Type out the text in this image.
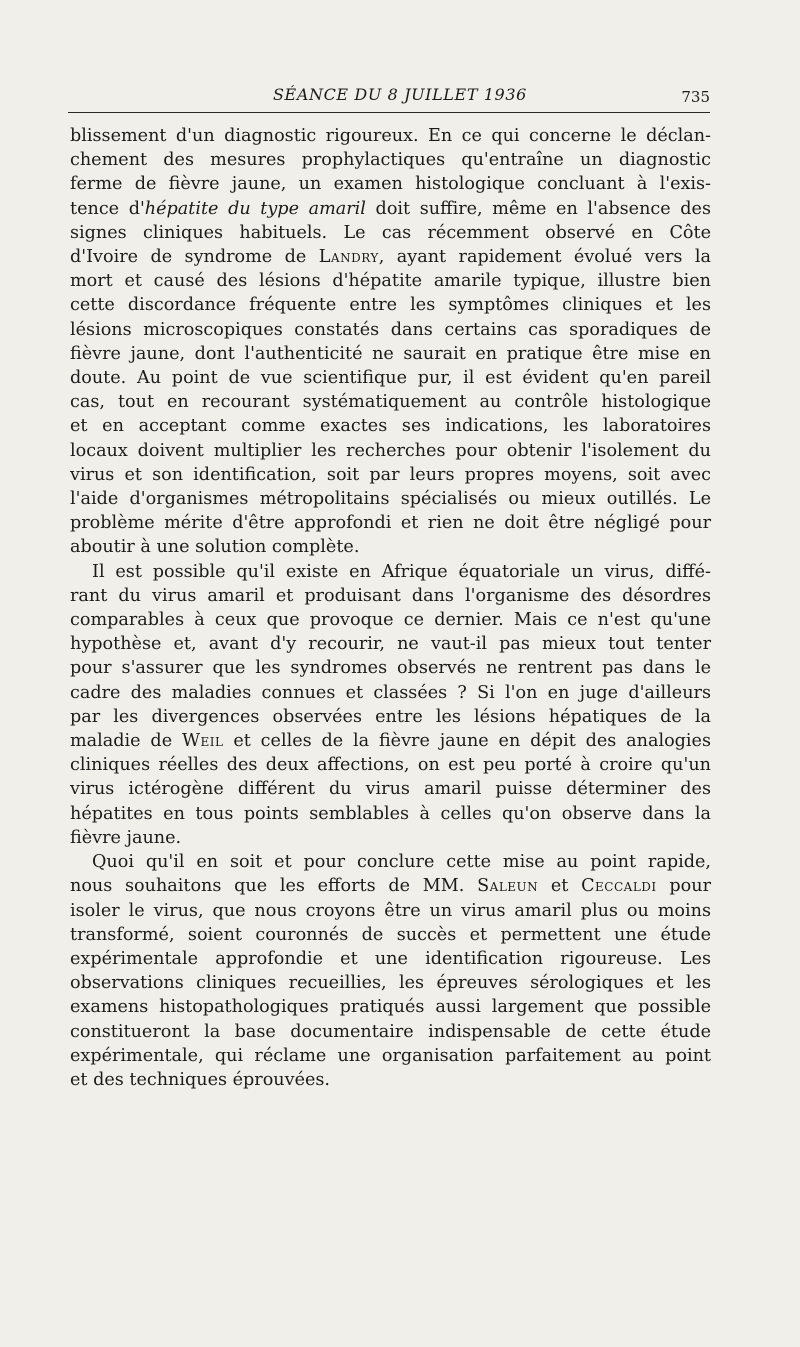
SÉANCE DU 8 JUILLET 1936	735

blissement d'un diagnostic rigoureux. En ce qui concerne le déclan-
chement des mesures prophylactiques qu'entraîne un diagnostic
ferme de fièvre jaune, un examen histologique concluant à l'exis-
tence d'hépatite du type amaril doit suffire, même en l'absence des
signes cliniques habituels. Le cas récemment observé en Côte
d'Ivoire de syndrome de Landry, ayant rapidement évolué vers la
mort et causé des lésions d'hépatite amarile typique, illustre bien
cette discordance fréquente entre les symptômes cliniques et les
lésions microscopiques constatés dans certains cas sporadiques de
fièvre jaune, dont l'authenticité ne saurait en pratique être mise en
doute. Au point de vue scientifique pur, il est évident qu'en pareil
cas, tout en recourant systématiquement au contrôle histologique
et en acceptant comme exactes ses indications, les laboratoires
locaux doivent multiplier les recherches pour obtenir l'isolement du
virus et son identification, soit par leurs propres moyens, soit avec
l'aide d'organismes métropolitains spécialisés ou mieux outillés. Le
problème mérite d'être approfondi et rien ne doit être négligé pour
aboutir à une solution complète.

Il est possible qu'il existe en Afrique équatoriale un virus, diffé-
rant du virus amaril et produisant dans l'organisme des désordres
comparables à ceux que provoque ce dernier. Mais ce n'est qu'une
hypothèse et, avant d'y recourir, ne vaut-il pas mieux tout tenter
pour s'assurer que les syndromes observés ne rentrent pas dans le
cadre des maladies connues et classées ? Si l'on en juge d'ailleurs
par les divergences observées entre les lésions hépatiques de la
maladie de Weil et celles de la fièvre jaune en dépit des analogies
cliniques réelles des deux affections, on est peu porté à croire qu'un
virus ictérogène différent du virus amaril puisse déterminer des
hépatites en tous points semblables à celles qu'on observe dans la
fièvre jaune.

Quoi qu'il en soit et pour conclure cette mise au point rapide,
nous souhaitons que les efforts de MM. Saleun et Ceccaldi pour
isoler le virus, que nous croyons être un virus amaril plus ou moins
transformé, soient couronnés de succès et permettent une étude
expérimentale approfondie et une identification rigoureuse. Les
observations cliniques recueillies, les épreuves sérologiques et les
examens histopathologiques pratiqués aussi largement que possible
constitueront la base documentaire indispensable de cette étude
expérimentale, qui réclame une organisation parfaitement au point
et des techniques éprouvées.
